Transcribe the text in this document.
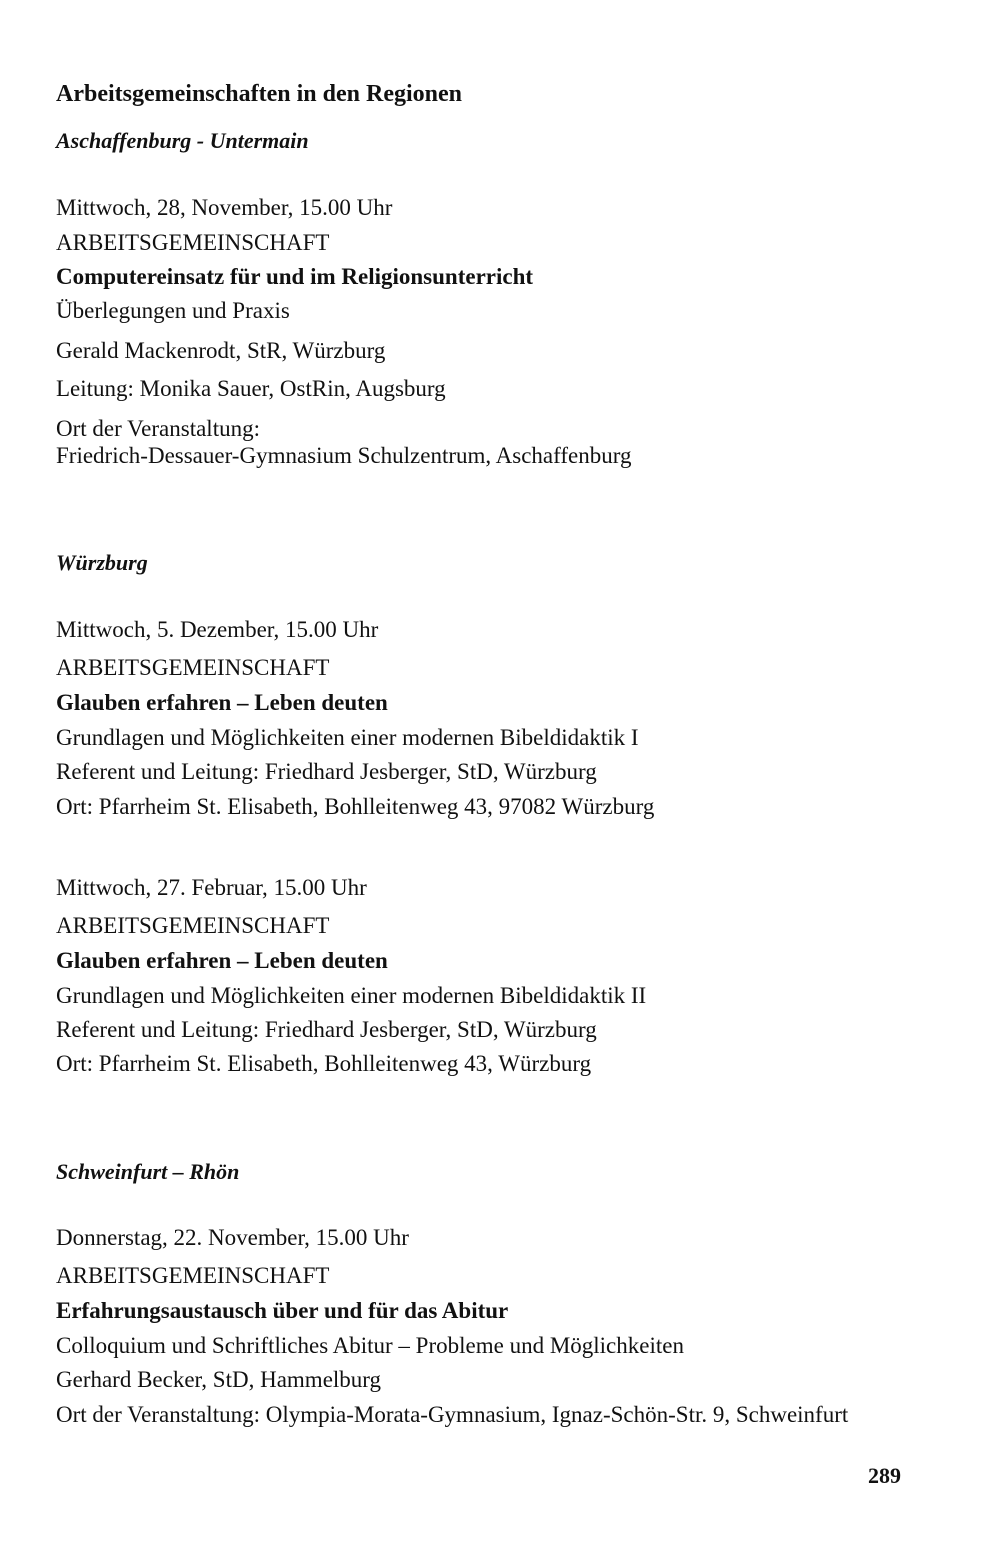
Arbeitsgemeinschaften in den Regionen

Aschaffenburg - Untermain

Mittwoch, 28, November, 15.00 Uhr

ARBEITSGEMEINSCHAFT

Computereinsatz für und im Religionsunterricht

Überlegungen und Praxis

Gerald Mackenrodt, StR, Würzburg

Leitung: Monika Sauer, OstRin, Augsburg

Ort der Veranstaltung:

Friedrich-Dessauer-Gymnasium Schulzentrum, Aschaffenburg

Würzburg

Mittwoch, 5. Dezember, 15.00 Uhr

ARBEITSGEMEINSCHAFT

Glauben erfahren – Leben deuten

Grundlagen und Möglichkeiten einer modernen Bibeldidaktik I

Referent und Leitung: Friedhard Jesberger, StD, Würzburg

Ort: Pfarrheim St. Elisabeth, Bohlleitenweg 43, 97082 Würzburg

Mittwoch, 27. Februar, 15.00 Uhr

ARBEITSGEMEINSCHAFT

Glauben erfahren – Leben deuten

Grundlagen und Möglichkeiten einer modernen Bibeldidaktik II

Referent und Leitung: Friedhard Jesberger, StD, Würzburg

Ort: Pfarrheim St. Elisabeth, Bohlleitenweg 43, Würzburg

Schweinfurt – Rhön

Donnerstag, 22. November, 15.00 Uhr

ARBEITSGEMEINSCHAFT

Erfahrungsaustausch über und für das Abitur

Colloquium und Schriftliches Abitur – Probleme und Möglichkeiten

Gerhard Becker, StD, Hammelburg

Ort der Veranstaltung: Olympia-Morata-Gymnasium, Ignaz-Schön-Str. 9, Schweinfurt

289
